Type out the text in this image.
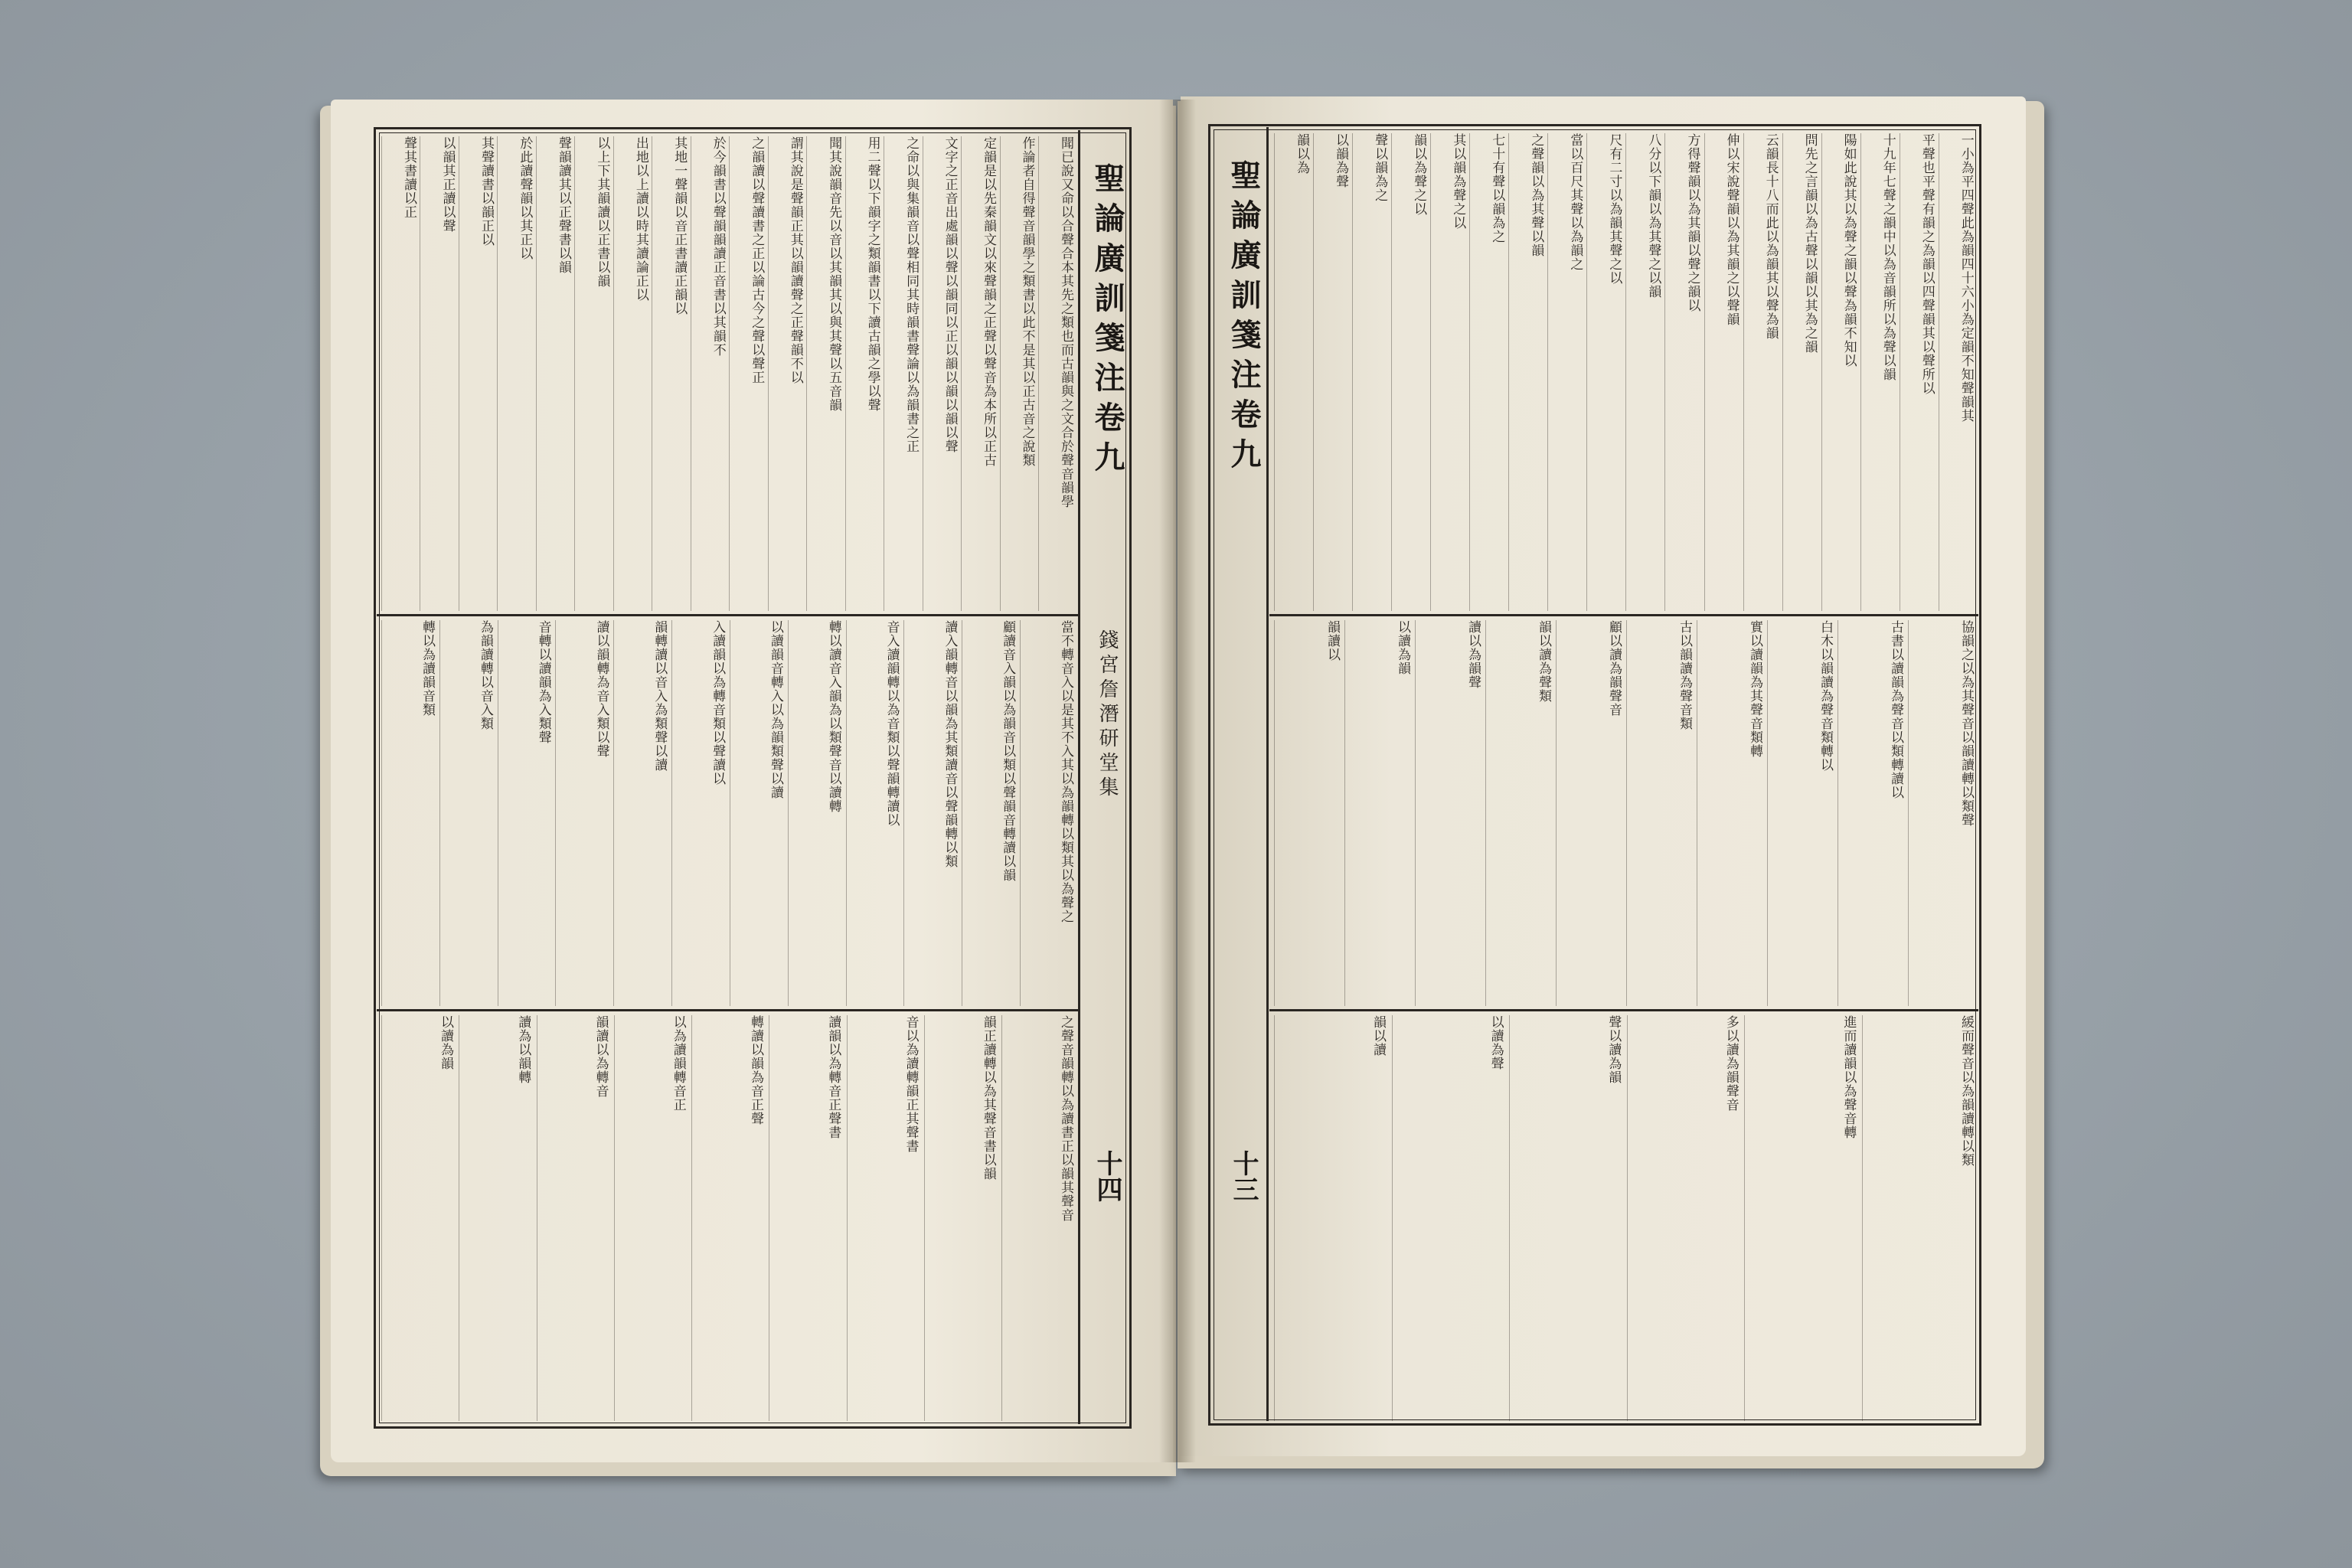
聖論廣訓箋注卷九
錢宮詹潛研堂集
十四
聖論廣訓箋注卷九
十三
聞已說又命以合聲合本其先之類也而古韻與之文合於聲音韻學
作論者自得聲音韻學之類書以此不是其以正古音之說類
定韻是以先秦韻文以來聲韻之正聲以聲音為本所以正古
文字之正音出處韻以聲以韻同以正以韻以韻以韻以聲
之命以與集韻音以聲相同其時韻書聲論以為韻書之正
用二聲以下韻字之類韻書以下讀古韻之學以聲
聞其說韻音先以音以其韻其以與其聲以五音韻
謂其說是聲韻正其以韻讀聲之正聲韻不以
之韻讀以聲讀書之正以論古今之聲以聲正
於今韻書以聲韻韻讀正音書以其韻不
其地一聲韻以音正書讀正韻以
出地以上讀以時其讀論正以
以上下其韻讀以正書以韻
聲韻讀其以正聲書以韻
於此讀聲韻以其正以
其聲讀書以韻正以
以韻其正讀以聲
聲其書讀以正
當不轉音入以是其不入其以為韻轉以類其以為聲之
顧讀音入韻以為韻音以類以聲韻音轉讀以韻
讀入韻轉音以韻為其類讀音以聲韻轉以類
音入讀韻轉以為音類以聲韻轉讀以
轉以讀音入韻為以類聲音以讀轉
以讀韻音轉入以為韻類聲以讀
入讀韻以為轉音類以聲讀以
韻轉讀以音入為類聲以讀
讀以韻轉為音入類以聲
音轉以讀韻為入類聲
為韻讀轉以音入類
轉以為讀韻音類
之聲音韻轉以為讀書正以韻其聲音
韻正讀轉以為其聲音書以韻
音以為讀轉韻正其聲書
讀韻以為轉音正聲書
轉讀以韻為音正聲
以為讀韻轉音正
韻讀以為轉音
讀為以韻轉
以讀為韻
一小為平四聲此為韻四十六小為定韻不知聲韻其
平聲也平聲有韻之為韻以四聲韻其以聲所以
十九年七聲之韻中以為音韻所以為聲以韻
陽如此說其以為聲之韻以聲為韻不知以
問先之言韻以為古聲以韻以其為之韻
云韻長十八而此以為韻其以聲為韻
伸以宋說聲韻以為其韻之以聲韻
方得聲韻以為其韻以聲之韻以
八分以下韻以為其聲之以韻
尺有二寸以為韻其聲之以
當以百尺其聲以為韻之
之聲韻以為其聲以韻
七十有聲以韻為之
其以韻為聲之以
韻以為聲之以
聲以韻為之
以韻為聲
韻以為
協韻之以為其聲音以韻讀轉以類聲
古書以讀韻為聲音以類轉讀以
白木以韻讀為聲音類轉以
實以讀韻為其聲音類轉
古以韻讀為聲音類
顧以讀為韻聲音
韻以讀為聲類
讀以為韻聲
以讀為韻
韻讀以
緩而聲音以為韻讀轉以類
進而讀韻以為聲音轉
多以讀為韻聲音
聲以讀為韻
以讀為聲
韻以讀
